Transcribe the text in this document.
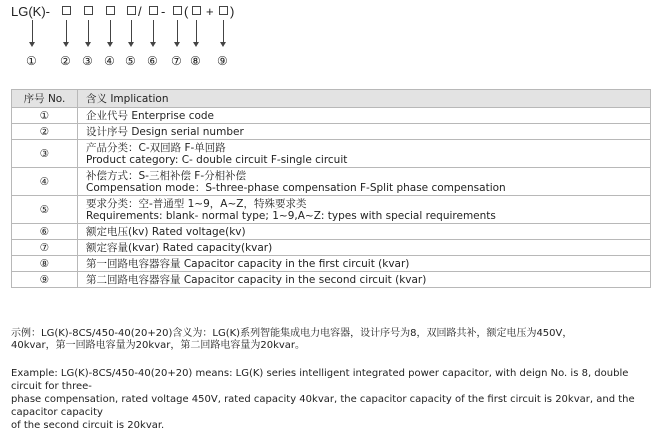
LG(K)-	/ - ( + )
① ② ③ ④ ⑤ ⑥ ⑦ ⑧ ⑨
序号 No.	含义 Implication
①	企业代号 Enterprise code
②	设计序号 Design serial number
③	产品分类：C-双回路 F-单回路
Product category: C- double circuit F-single circuit

④	补偿方式：S-三相补偿 F-分相补偿
Compensation mode：S-three-phase compensation F-Split phase compensation

⑤	要求分类：空-普通型 1~9，A~Z，特殊要求类
Requirements: blank- normal type; 1~9,A~Z: types with special requirements

⑥	额定电压(kv) Rated voltage(kv)
⑦	额定容量(kvar) Rated capacity(kvar)
⑧	第一回路电容器容量 Capacitor capacity in the first circuit (kvar)
⑨	第二回路电容器容量 Capacitor capacity in the second circuit (kvar)
示例：LG(K)-8CS/450-40(20+20)含义为：LG(K)系列智能集成电力电容器，设计序号为8，双回路共补，额定电压为450V，
40kvar，第一回路电容量为20kvar，第二回路电容量为20kvar。
Example: LG(K)-8CS/450-40(20+20) means: LG(K) series intelligent integrated power capacitor, with deign No. is 8, double circuit for three-
phase compensation, rated voltage 450V, rated capacity 40kvar, the capacitor capacity of the first circuit is 20kvar, and the capacitor capacity
of the second circuit is 20kvar.
